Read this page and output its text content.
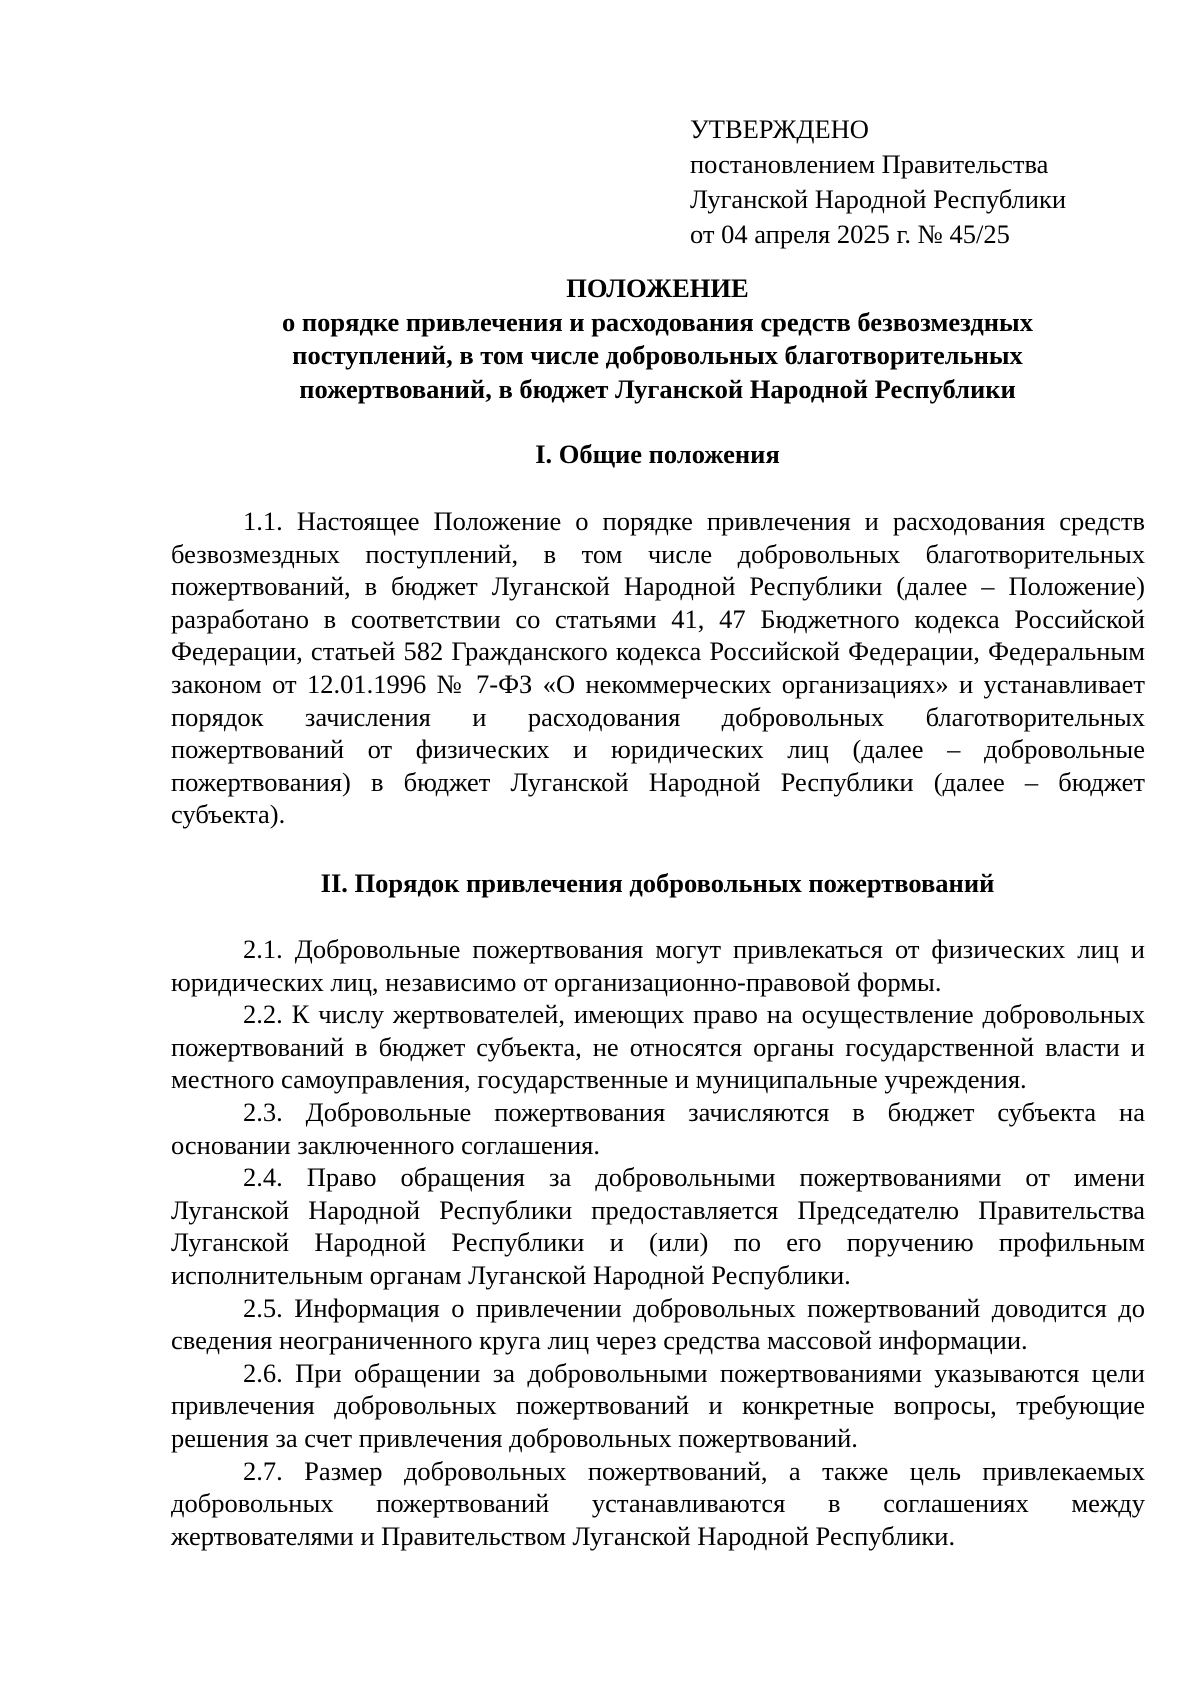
УТВЕРЖДЕНО
постановлением Правительства
Луганской Народной Республики
от 04 апреля 2025 г. № 45/25
ПОЛОЖЕНИЕ
о порядке привлечения и расходования средств безвозмездных
поступлений, в том числе добровольных благотворительных
пожертвований, в бюджет Луганской Народной Республики
I. Общие положения

1.1. Настоящее Положение о порядке привлечения и расходования средств безвозмездных поступлений, в том числе добровольных благотворительных пожертвований, в бюджет Луганской Народной Республики (далее – Положение) разработано в соответствии со статьями 41, 47 Бюджетного кодекса Российской Федерации, статьей 582 Гражданского кодекса Российской Федерации, Федеральным законом от 12.01.1996 № 7-ФЗ «О некоммерческих организациях» и устанавливает порядок зачисления и расходования добровольных благотворительных пожертвований от физических и юридических лиц (далее – добровольные пожертвования) в бюджет Луганской Народной Республики (далее – бюджет субъекта).

II. Порядок привлечения добровольных пожертвований

2.1. Добровольные пожертвования могут привлекаться от физических лиц и юридических лиц, независимо от организационно-правовой формы.

2.2. К числу жертвователей, имеющих право на осуществление добровольных пожертвований в бюджет субъекта, не относятся органы государственной власти и местного самоуправления, государственные и муниципальные учреждения.

2.3. Добровольные пожертвования зачисляются в бюджет субъекта на основании заключенного соглашения.

2.4. Право обращения за добровольными пожертвованиями от имени Луганской Народной Республики предоставляется Председателю Правительства Луганской Народной Республики и (или) по его поручению профильным исполнительным органам Луганской Народной Республики.

2.5. Информация о привлечении добровольных пожертвований доводится до сведения неограниченного круга лиц через средства массовой информации.

2.6. При обращении за добровольными пожертвованиями указываются цели привлечения добровольных пожертвований и конкретные вопросы, требующие решения за счет привлечения добровольных пожертвований.

2.7. Размер добровольных пожертвований, а также цель привлекаемых добровольных пожертвований устанавливаются в соглашениях между жертвователями и Правительством Луганской Народной Республики.
